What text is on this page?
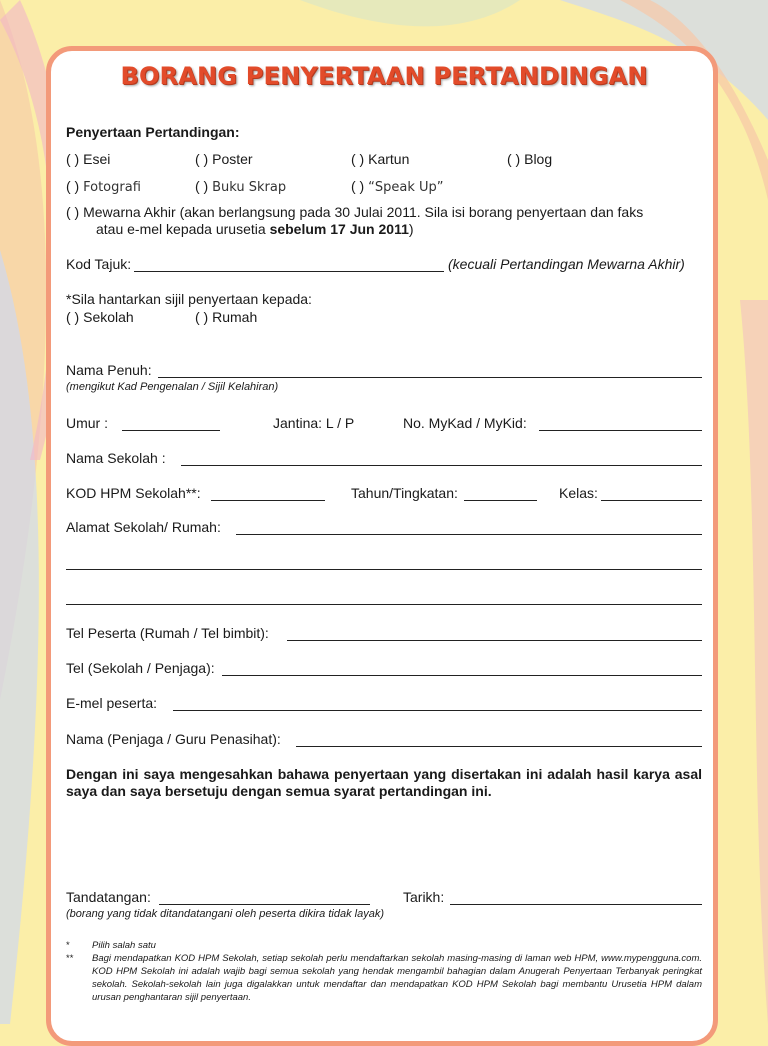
BORANG PENYERTAAN PERTANDINGAN
Penyertaan Pertandingan:
( ) Esei	( ) Poster	( ) Kartun	( ) Blog
( ) Fotografi	( ) Buku Skrap	( ) “Speak Up”
( ) Mewarna Akhir (akan berlangsung pada 30 Julai 2011. Sila isi borang penyertaan dan faks
atau e-mel kepada urusetia sebelum 17 Jun 2011)
Kod Tajuk:	(kecuali Pertandingan Mewarna Akhir)
*Sila hantarkan sijil penyertaan kepada:
( ) Sekolah	( ) Rumah
Nama Penuh:
(mengikut Kad Pengenalan / Sijil Kelahiran)
Umur :	Jantina: L / P	No. MyKad / MyKid:
Nama Sekolah :
KOD HPM Sekolah**:	Tahun/Tingkatan:	Kelas:
Alamat Sekolah/ Rumah:
Tel Peserta (Rumah / Tel bimbit):
Tel (Sekolah / Penjaga):
E-mel peserta:
Nama (Penjaga / Guru Penasihat):
Dengan ini saya mengesahkan bahawa penyertaan yang disertakan ini adalah hasil karya asal saya dan saya bersetuju dengan semua syarat pertandingan ini.
Tandatangan:	Tarikh:
(borang yang tidak ditandatangani oleh peserta dikira tidak layak)
*	Pilih salah satu
**	Bagi mendapatkan KOD HPM Sekolah, setiap sekolah perlu mendaftarkan sekolah masing-masing di laman web HPM, www.mypengguna.com. KOD HPM Sekolah ini adalah wajib bagi semua sekolah yang hendak mengambil bahagian dalam Anugerah Penyertaan Terbanyak peringkat sekolah. Sekolah-sekolah lain juga digalakkan untuk mendaftar dan mendapatkan KOD HPM Sekolah bagi membantu Urusetia HPM dalam urusan penghantaran sijil penyertaan.
